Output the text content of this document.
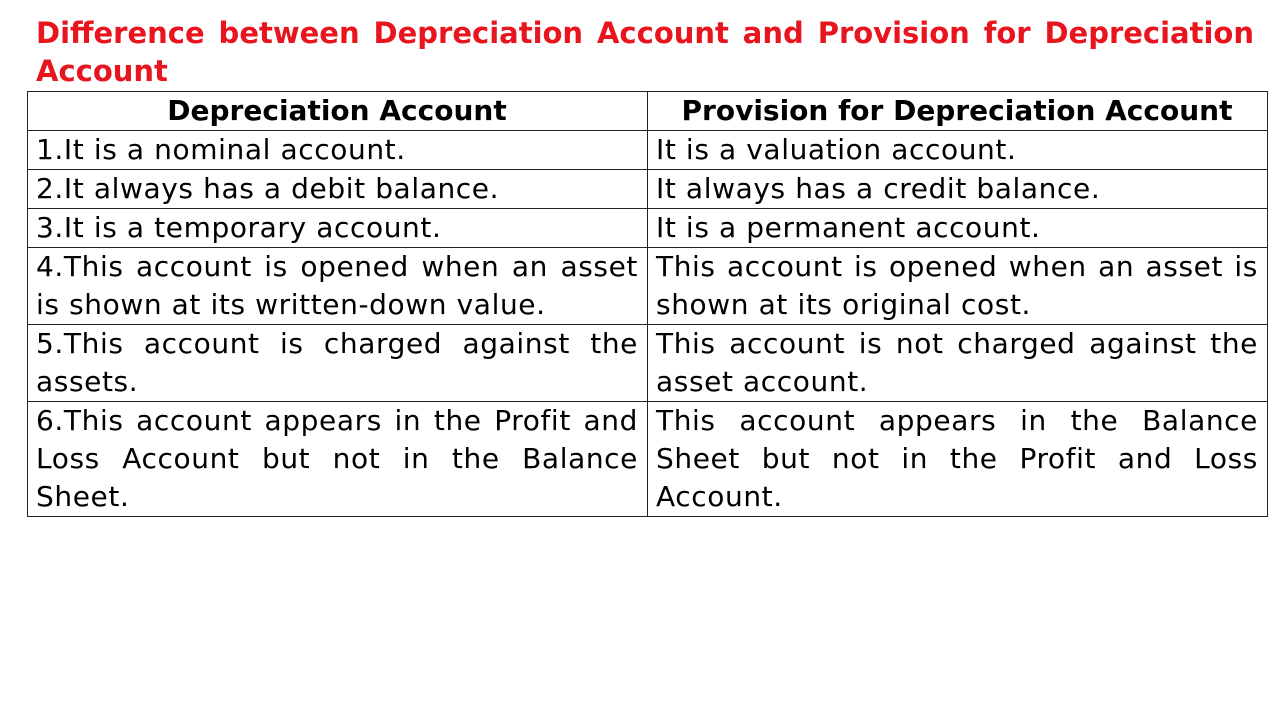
Difference between Depreciation Account and Provision for Depreciation Account
Depreciation Account	Provision for Depreciation Account
1.It is a nominal account.	It is a valuation account.
2.It always has a debit balance.	It always has a credit balance.
3.It is a temporary account.	It is a permanent account.
4.This account is opened when an asset is shown at its written-down value.	This account is opened when an asset is shown at its original cost.
5.This account is charged against the assets.	This account is not charged against the asset account.
6.This account appears in the Profit and Loss Account but not in the Balance Sheet.	This account appears in the Balance Sheet but not in the Profit and Loss Account.
